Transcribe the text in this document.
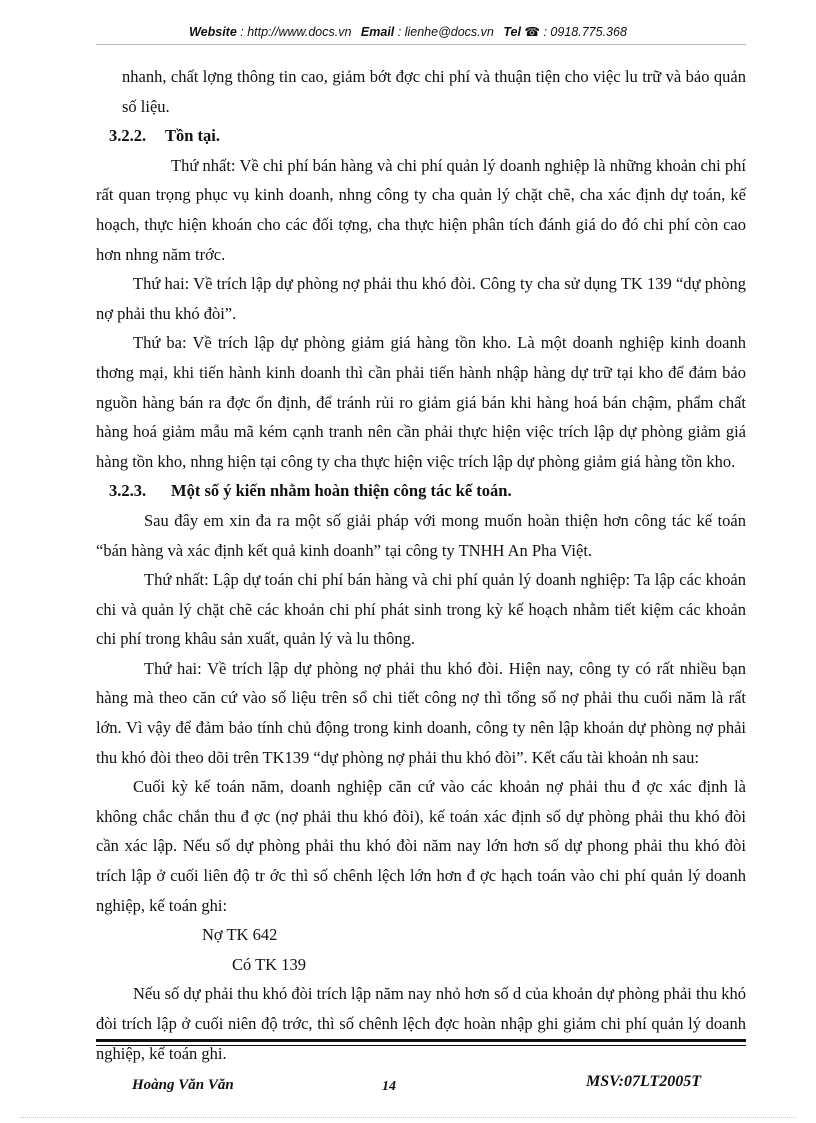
Website : http://www.docs.vn Email : lienhe@docs.vn Tel ☎ : 0918.775.368

nhanh, chất lợng thông tin cao, giảm bớt đợc chi phí và thuận tiện cho việc lu trữ và bảo quản số liệu.

3.2.2. Tồn tại.

Thứ nhất: Về chi phí bán hàng và chi phí quản lý doanh nghiệp là những khoản chi phí rất quan trọng phục vụ kinh doanh, nhng công ty cha quản lý chặt chẽ, cha xác định dự toán, kế hoạch, thực hiện khoán cho các đối tợng, cha thực hiện phân tích đánh giá do đó chi phí còn cao hơn nhng năm trớc.

Thứ hai: Về trích lập dự phòng nợ phải thu khó đòi. Công ty cha sử dụng TK 139 “dự phòng nợ phải thu khó đòi”.

Thứ ba: Về trích lập dự phòng giảm giá hàng tồn kho. Là một doanh nghiệp kinh doanh thơng mại, khi tiến hành kinh doanh thì cần phải tiến hành nhập hàng dự trữ tại kho để đảm bảo nguồn hàng bán ra đợc ổn định, để tránh rủi ro giảm giá bán khi hàng hoá bán chậm, phẩm chất hàng hoá giảm mẫu mã kém cạnh tranh nên cần phải thực hiện việc trích lập dự phòng giảm giá hàng tồn kho, nhng hiện tại công ty cha thực hiện việc trích lập dự phòng giảm giá hàng tồn kho.

3.2.3. Một số ý kiến nhằm hoàn thiện công tác kế toán.

Sau đây em xin đa ra một số giải pháp với mong muốn hoàn thiện hơn công tác kế toán “bán hàng và xác định kết quả kinh doanh” tại công ty TNHH An Pha Việt.

Thứ nhất: Lập dự toán chi phí bán hàng và chi phí quản lý doanh nghiệp: Ta lập các khoản chi và quản lý chặt chẽ các khoản chi phí phát sinh trong kỳ kế hoạch nhằm tiết kiệm các khoản chi phí trong khâu sản xuất, quản lý và lu thông.

Thứ hai: Về trích lập dự phòng nợ phải thu khó đòi. Hiện nay, công ty có rất nhiều bạn hàng mà theo căn cứ vào số liệu trên sổ chi tiết công nợ thì tổng số nợ phải thu cuối năm là rất lớn. Vì vậy để đảm bảo tính chủ động trong kinh doanh, công ty nên lập khoản dự phòng nợ phải thu khó đòi theo dõi trên TK139 “dự phòng nợ phải thu khó đòi”. Kết cấu tài khoản nh sau:

Cuối kỳ kế toán năm, doanh nghiệp căn cứ vào các khoản nợ phải thu đ ợc xác định là không chắc chắn thu đ ợc (nợ phải thu khó đòi), kế toán xác định số dự phòng phải thu khó đòi cần xác lập. Nếu số dự phòng phải thu khó đòi năm nay lớn hơn số dự phong phải thu khó đòi trích lập ở cuối liên độ tr ớc thì số chênh lệch lớn hơn đ ợc hạch toán vào chi phí quản lý doanh nghiệp, kế toán ghi:

Nợ TK 642

Có TK 139

Nếu số dự phải thu khó đòi trích lập năm nay nhỏ hơn số d của khoản dự phòng phải thu khó đòi trích lập ở cuối niên độ trớc, thì số chênh lệch đợc hoàn nhập ghi giảm chi phí quản lý doanh nghiệp, kế toán ghi.

Hoàng Văn Văn	14	MSV:07LT2005T
